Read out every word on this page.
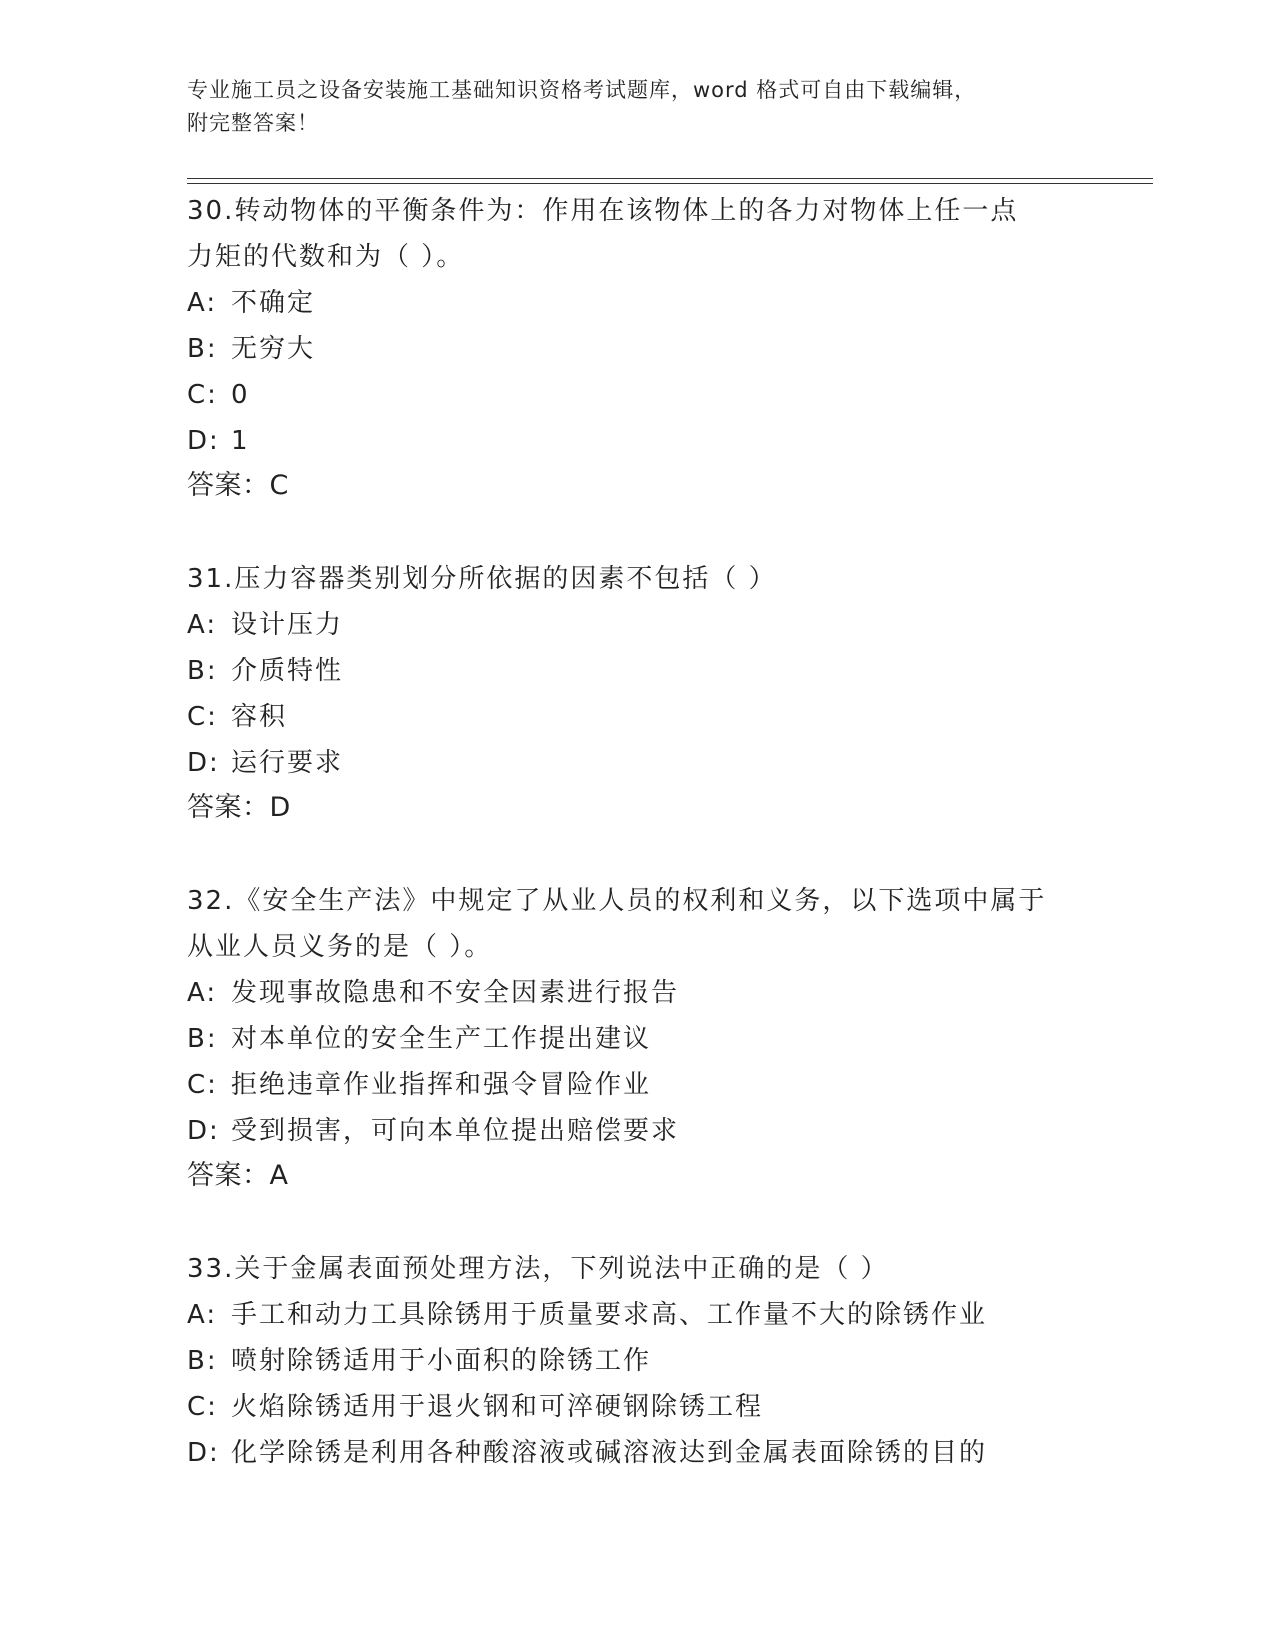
专业施工员之设备安装施工基础知识资格考试题库，word 格式可自由下载编辑，
附完整答案！

30.转动物体的平衡条件为：作用在该物体上的各力对物体上任一点力矩的代数和为（ ）。

A: 不确定

B: 无穷大

C: 0

D: 1

答案：C

31.压力容器类别划分所依据的因素不包括（ ）

A: 设计压力

B: 介质特性

C: 容积

D: 运行要求

答案：D

32.《安全生产法》中规定了从业人员的权利和义务，以下选项中属于从业人员义务的是（ ）。

A: 发现事故隐患和不安全因素进行报告

B: 对本单位的安全生产工作提出建议

C: 拒绝违章作业指挥和强令冒险作业

D: 受到损害，可向本单位提出赔偿要求

答案：A

33.关于金属表面预处理方法，下列说法中正确的是（ ）

A: 手工和动力工具除锈用于质量要求高、工作量不大的除锈作业

B: 喷射除锈适用于小面积的除锈工作

C: 火焰除锈适用于退火钢和可淬硬钢除锈工程

D: 化学除锈是利用各种酸溶液或碱溶液达到金属表面除锈的目的
